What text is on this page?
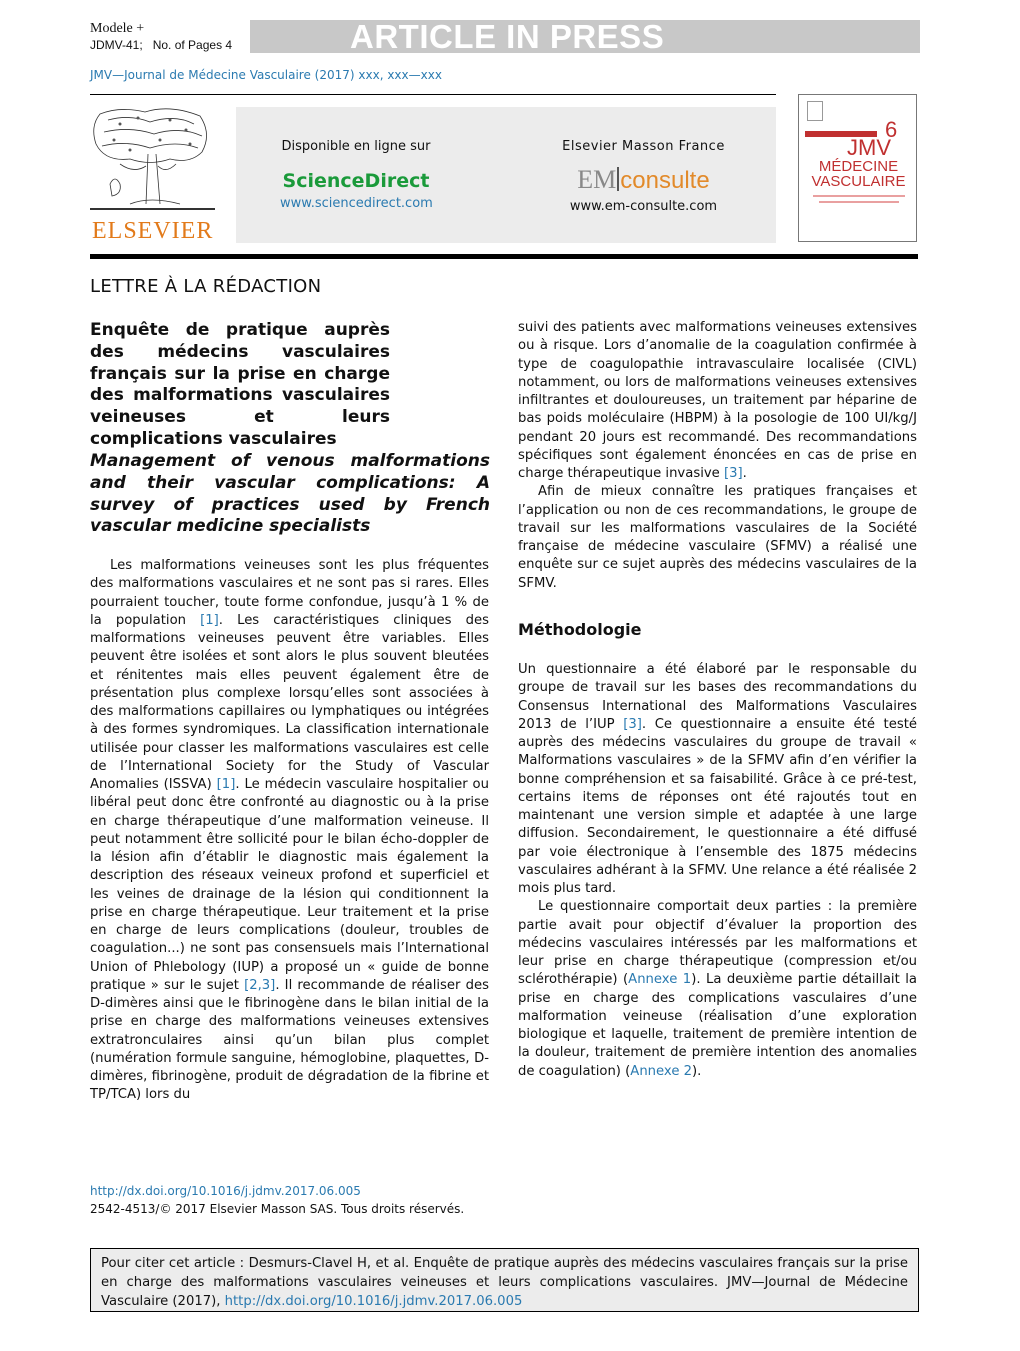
Modele +
JDMV-41; No. of Pages 4	ARTICLE IN PRESS
JMV—Journal de Médecine Vasculaire (2017) xxx, xxx—xxx
ELSEVIER
Disponible en ligne sur
ScienceDirect
www.sciencedirect.com
Elsevier Masson France
EM consulte
www.em-consulte.com
6
JMV
MÉDECINE VASCULAIRE
LETTRE À LA RÉDACTION
Enquête de pratique auprès des médecins vasculaires français sur la prise en charge des malformations vasculaires veineuses et leurs complications vasculaires
Management of venous malformations and their vascular complications: A survey of practices used by French vascular medicine specialists

Les malformations veineuses sont les plus fréquentes des malformations vasculaires et ne sont pas si rares. Elles pourraient toucher, toute forme confondue, jusqu’à 1 % de la population [1]. Les caractéristiques cliniques des malformations veineuses peuvent être variables. Elles peuvent être isolées et sont alors le plus souvent bleutées et rénitentes mais elles peuvent également être de présentation plus complexe lorsqu’elles sont associées à des malformations capillaires ou lymphatiques ou intégrées à des formes syndromiques. La classification internationale utilisée pour classer les malformations vasculaires est celle de l’International Society for the Study of Vascular Anomalies (ISSVA) [1]. Le médecin vasculaire hospitalier ou libéral peut donc être confronté au diagnostic ou à la prise en charge thérapeutique d’une malformation veineuse. Il peut notamment être sollicité pour le bilan écho-doppler de la lésion afin d’établir le diagnostic mais également la description des réseaux veineux profond et superficiel et les veines de drainage de la lésion qui conditionnent la prise en charge thérapeutique. Leur traitement et la prise en charge de leurs complications (douleur, troubles de coagulation...) ne sont pas consensuels mais l’International Union of Phlebology (IUP) a proposé un « guide de bonne pratique » sur le sujet [2,3]. Il recommande de réaliser des D-dimères ainsi que le fibrinogène dans le bilan initial de la prise en charge des malformations veineuses extensives extratronculaires ainsi qu’un bilan plus complet (numération formule sanguine, hémoglobine, plaquettes, D-dimères, fibrinogène, produit de dégradation de la fibrine et TP/TCA) lors du

suivi des patients avec malformations veineuses extensives ou à risque. Lors d’anomalie de la coagulation confirmée à type de coagulopathie intravasculaire localisée (CIVL) notamment, ou lors de malformations veineuses extensives infiltrantes et douloureuses, un traitement par héparine de bas poids moléculaire (HBPM) à la posologie de 100 UI/kg/J pendant 20 jours est recommandé. Des recommandations spécifiques sont également énoncées en cas de prise en charge thérapeutique invasive [3].

Afin de mieux connaître les pratiques françaises et l’application ou non de ces recommandations, le groupe de travail sur les malformations vasculaires de la Société française de médecine vasculaire (SFMV) a réalisé une enquête sur ce sujet auprès des médecins vasculaires de la SFMV.

Méthodologie

Un questionnaire a été élaboré par le responsable du groupe de travail sur les bases des recommandations du Consensus International des Malformations Vasculaires 2013 de l’IUP [3]. Ce questionnaire a ensuite été testé auprès des médecins vasculaires du groupe de travail « Malformations vasculaires » de la SFMV afin d’en vérifier la bonne compréhension et sa faisabilité. Grâce à ce pré-test, certains items de réponses ont été rajoutés tout en maintenant une version simple et adaptée à une large diffusion. Secondairement, le questionnaire a été diffusé par voie électronique à l’ensemble des 1875 médecins vasculaires adhérant à la SFMV. Une relance a été réalisée 2 mois plus tard.

Le questionnaire comportait deux parties : la première partie avait pour objectif d’évaluer la proportion des médecins vasculaires intéressés par les malformations et leur prise en charge thérapeutique (compression et/ou sclérothérapie) (Annexe 1). La deuxième partie détaillait la prise en charge des complications vasculaires d’une malformation veineuse (réalisation d’une exploration biologique et laquelle, traitement de première intention de la douleur, traitement de première intention des anomalies de coagulation) (Annexe 2).

http://dx.doi.org/10.1016/j.jdmv.2017.06.005
2542-4513/© 2017 Elsevier Masson SAS. Tous droits réservés.
Pour citer cet article : Desmurs-Clavel H, et al. Enquête de pratique auprès des médecins vasculaires français sur la prise en charge des malformations vasculaires veineuses et leurs complications vasculaires. JMV—Journal de Médecine Vasculaire (2017), http://dx.doi.org/10.1016/j.jdmv.2017.06.005
